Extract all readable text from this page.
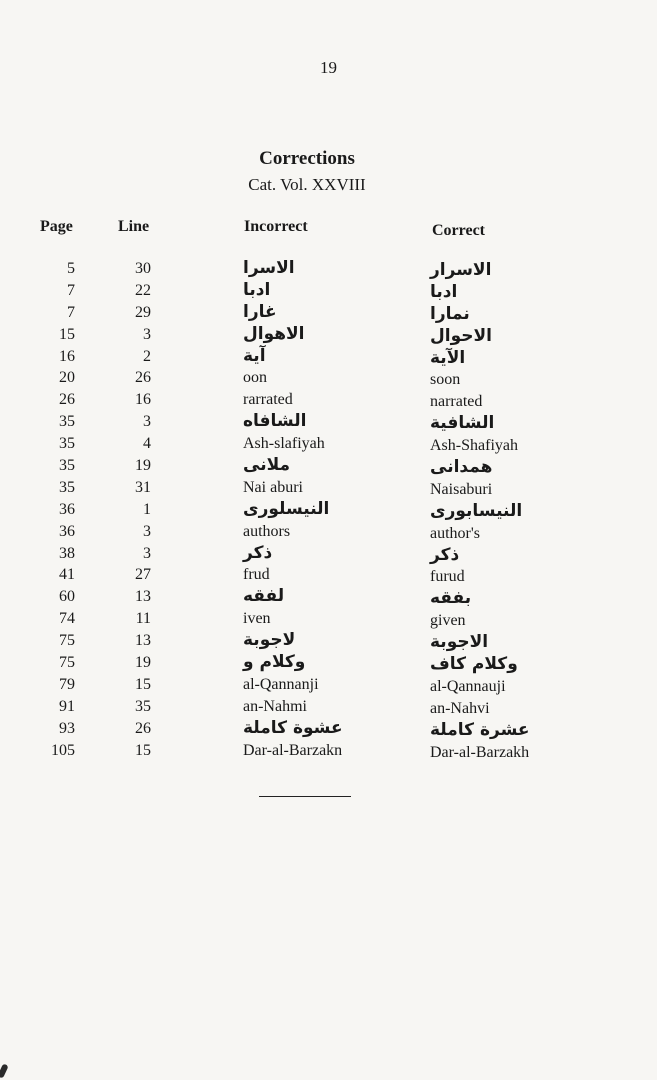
19
Corrections
Cat. Vol. XXVIII
Page	Line	Incorrect	Correct
5	30	الاسرا	الاسرار
7	22	ادبا	ادبا
7	29	غارا	نمارا
15	3	الاهوال	الاحوال
16	2	آية	الآية
20	26	oon	soon
26	16	rarrated	narrated
35	3	الشافاه	الشافية
35	4	Ash-slafiyah	Ash-Shafiyah
35	19	ملانى	همدانى
35	31	Nai aburi	Naisaburi
36	1	النيسلورى	النيسابورى
36	3	authors	author's
38	3	ذكر	ذكر
41	27	frud	furud
60	13	لفقه	بفقه
74	11	iven	given
75	13	لاجوبة	الاجوبة
75	19	وكلام و	وكلام كاف
79	15	al-Qannanji	al-Qannauji
91	35	an-Nahmi	an-Nahvi
93	26	عشوة كاملة	عشرة كاملة
105	15	Dar-al-Barzakn	Dar-al-Barzakh
